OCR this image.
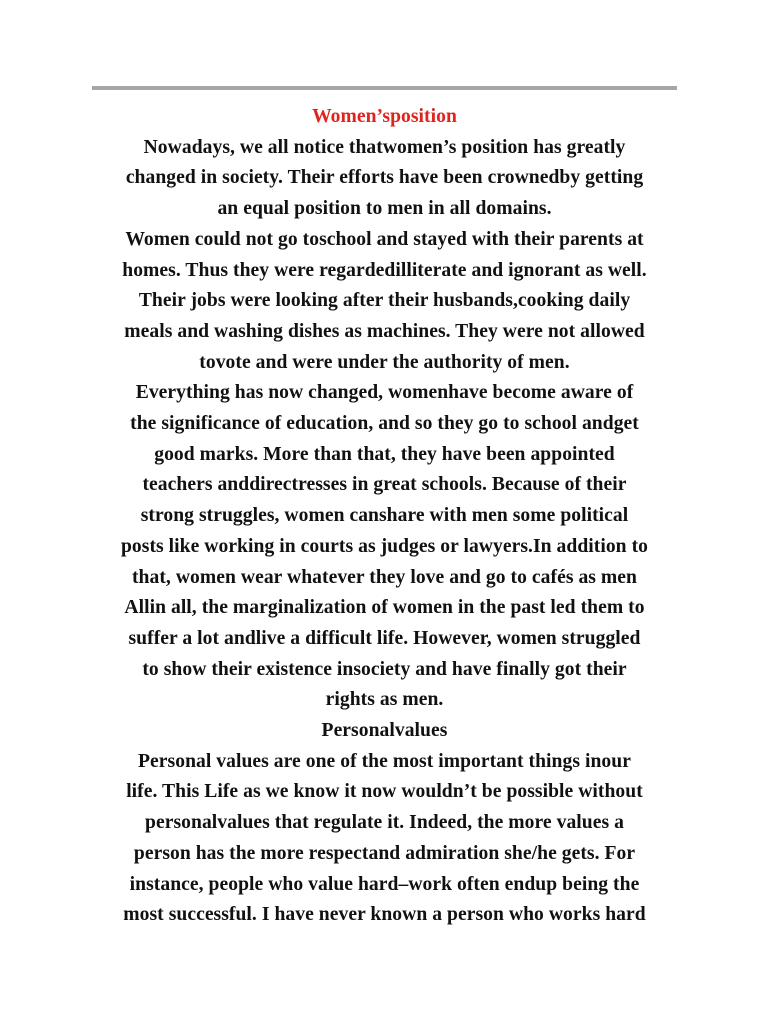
Women’sposition
Nowadays, we all notice thatwomen’s position has greatly
changed in society. Their efforts have been crownedby getting
an equal position to men in all domains.
Women could not go toschool and stayed with their parents at
homes. Thus they were regardedilliterate and ignorant as well.
Their jobs were looking after their husbands,cooking daily
meals and washing dishes as machines. They were not allowed
tovote and were under the authority of men.
Everything has now changed, womenhave become aware of
the significance of education, and so they go to school andget
good marks. More than that, they have been appointed
teachers anddirectresses in great schools. Because of their
strong struggles, women canshare with men some political
posts like working in courts as judges or lawyers.In addition to
that, women wear whatever they love and go to cafés as men
Allin all, the marginalization of women in the past led them to
suffer a lot andlive a difficult life. However, women struggled
to show their existence insociety and have finally got their
rights as men.
Personalvalues
Personal values are one of the most important things inour
life. This Life as we know it now wouldn’t be possible without
personalvalues that regulate it. Indeed, the more values a
person has the more respectand admiration she/he gets. For
instance, people who value hard–work often endup being the
most successful. I have never known a person who works hard
